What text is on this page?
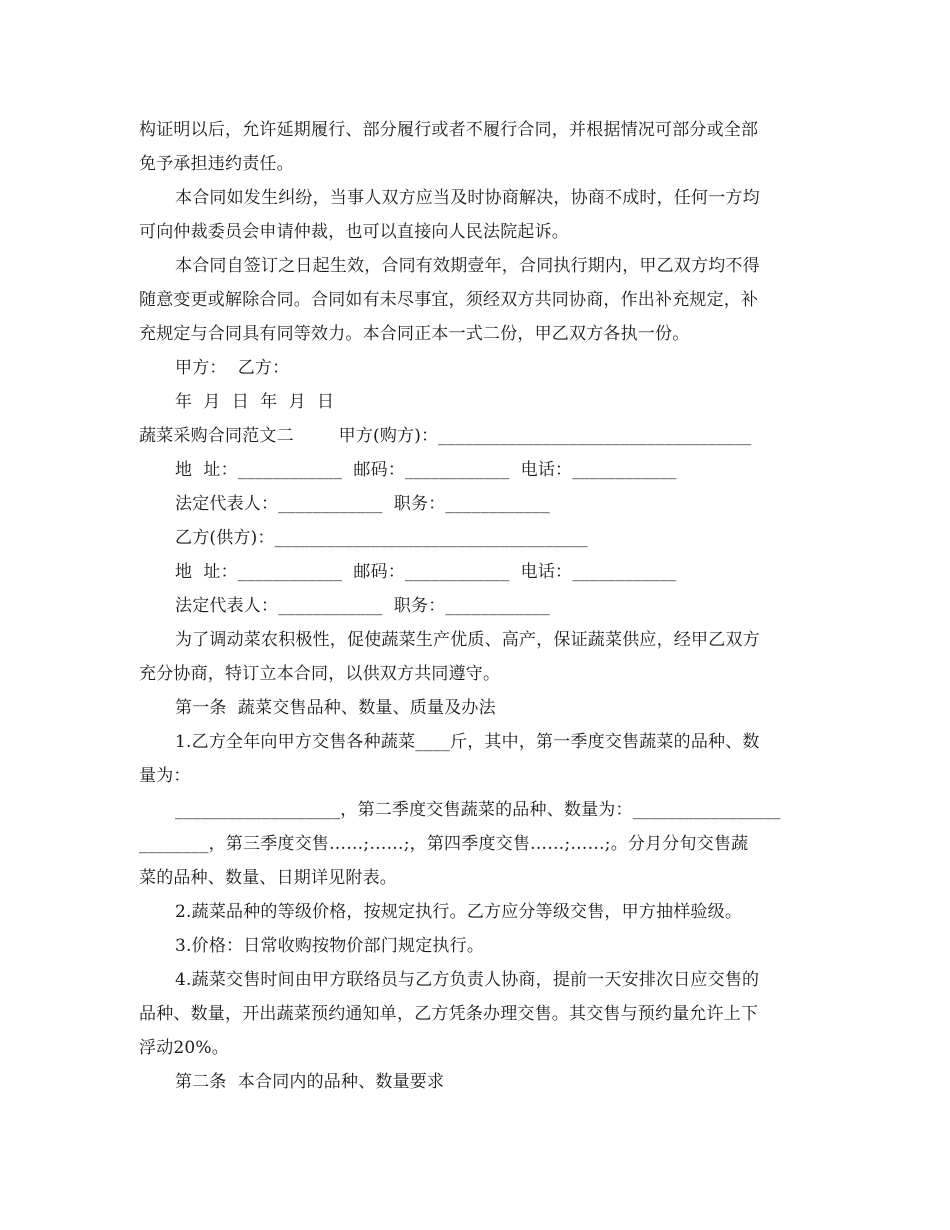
构证明以后，允许延期履行、部分履行或者不履行合同，并根据情况可部分或全部
免予承担违约责任。
本合同如发生纠纷，当事人双方应当及时协商解决，协商不成时，任何一方均
可向仲裁委员会申请仲裁，也可以直接向人民法院起诉。
本合同自签订之日起生效，合同有效期壹年，合同执行期内，甲乙双方均不得
随意变更或解除合同。合同如有未尽事宜，须经双方共同协商，作出补充规定，补
充规定与合同具有同等效力。本合同正本一式二份，甲乙双方各执一份。
甲方：  乙方：
年  月  日  年  月  日
蔬菜采购合同范文二        甲方(购方)：____________________________________
地  址：____________  邮码：____________  电话：____________
法定代表人：____________  职务：____________
乙方(供方)：____________________________________
地  址：____________  邮码：____________  电话：____________
法定代表人：____________  职务：____________
为了调动菜农积极性，促使蔬菜生产优质、高产，保证蔬菜供应，经甲乙双方
充分协商，特订立本合同，以供双方共同遵守。
第一条  蔬菜交售品种、数量、质量及办法
1.乙方全年向甲方交售各种蔬菜____斤，其中，第一季度交售蔬菜的品种、数
量为：
___________________，第二季度交售蔬菜的品种、数量为：_________________
________，第三季度交售……;……;，第四季度交售……;……;。分月分旬交售蔬
菜的品种、数量、日期详见附表。
2.蔬菜品种的等级价格，按规定执行。乙方应分等级交售，甲方抽样验级。
3.价格：日常收购按物价部门规定执行。
4.蔬菜交售时间由甲方联络员与乙方负责人协商，提前一天安排次日应交售的
品种、数量，开出蔬菜预约通知单，乙方凭条办理交售。其交售与预约量允许上下
浮动20%。
第二条  本合同内的品种、数量要求
